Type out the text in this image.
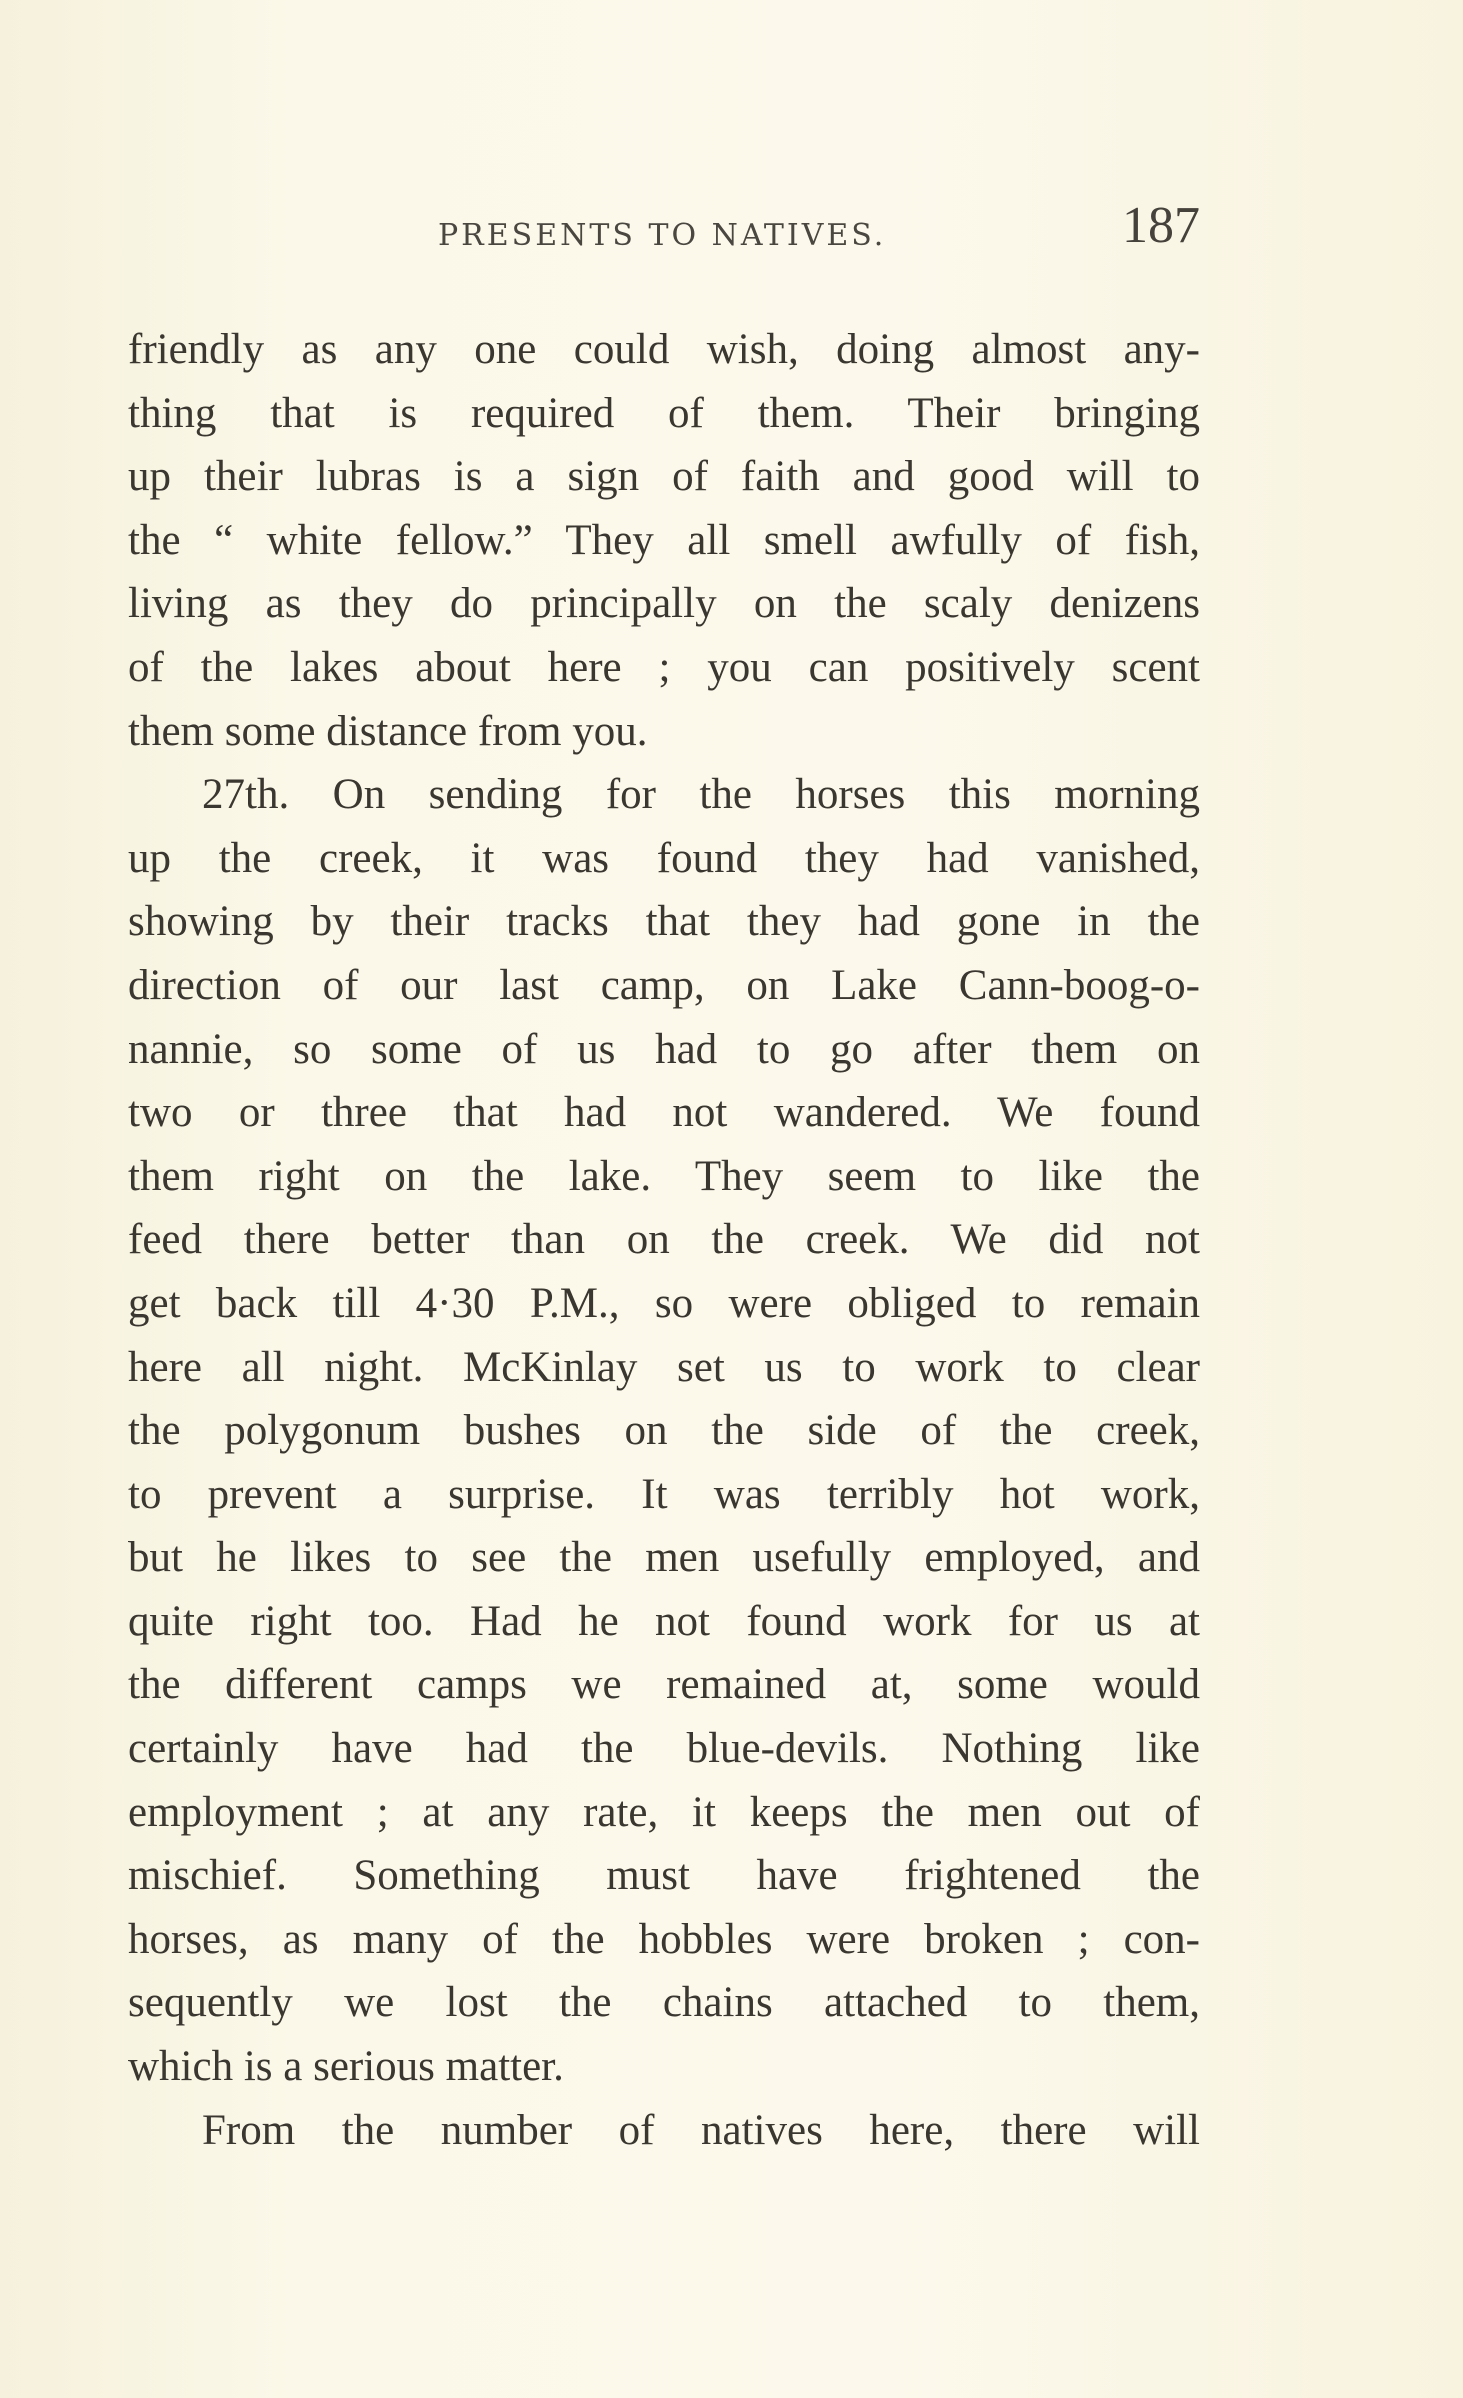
PRESENTS TO NATIVES.	187
friendly as any one could wish, doing almost any-
thing that is required of them. Their bringing
up their lubras is a sign of faith and good will to
the “ white fellow.” They all smell awfully of fish,
living as they do principally on the scaly denizens
of the lakes about here ; you can positively scent
them some distance from you.
27th. On sending for the horses this morning
up the creek, it was found they had vanished,
showing by their tracks that they had gone in the
direction of our last camp, on Lake Cann-boog-o-
nannie, so some of us had to go after them on
two or three that had not wandered. We found
them right on the lake. They seem to like the
feed there better than on the creek. We did not
get back till 4·30 P.M., so were obliged to remain
here all night. McKinlay set us to work to clear
the polygonum bushes on the side of the creek,
to prevent a surprise. It was terribly hot work,
but he likes to see the men usefully employed, and
quite right too. Had he not found work for us at
the different camps we remained at, some would
certainly have had the blue-devils. Nothing like
employment ; at any rate, it keeps the men out of
mischief. Something must have frightened the
horses, as many of the hobbles were broken ; con-
sequently we lost the chains attached to them,
which is a serious matter.
From the number of natives here, there will
